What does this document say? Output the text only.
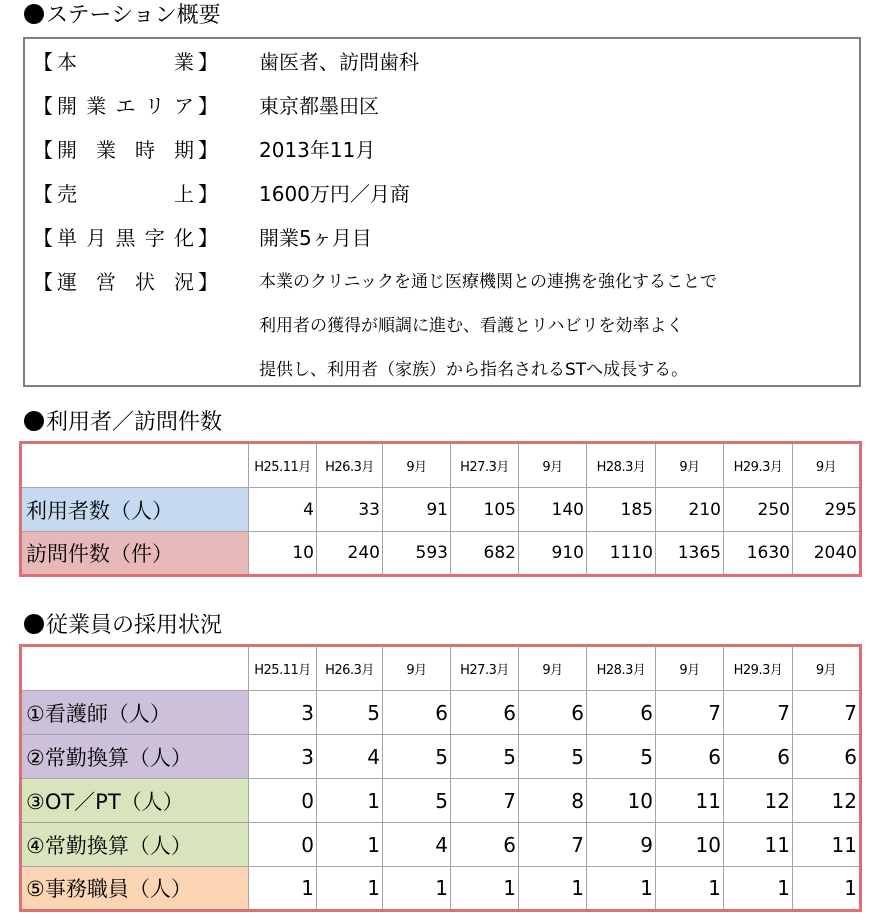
ステーション概要
【 本	業 】 歯医者、訪問歯科
【 開 業 エ リ ア 】 東京都墨田区
【 開 業 時 期 】 2013年11月
【 売	上 】 1600万円／月商
【 単 月 黒 字 化 】 開業5ヶ月目
【 運 営 状 況 】 本業のクリニックを通じ医療機関との連携を強化することで
利用者の獲得が順調に進む、看護とリハビリを効率よく
提供し、利用者（家族）から指名されるSTへ成長する。
利用者／訪問件数
	H25.11月	H26.3月	9月	H27.3月	9月	H28.3月	9月	H29.3月	9月
利用者数（人）	4	33	91	105	140	185	210	250	295
訪問件数（件）	10	240	593	682	910	1110	1365	1630	2040
従業員の採用状況
	H25.11月	H26.3月	9月	H27.3月	9月	H28.3月	9月	H29.3月	9月
①看護師（人）	3	5	6	6	6	6	7	7	7
②常勤換算（人）	3	4	5	5	5	5	6	6	6
③OT／PT（人）	0	1	5	7	8	10	11	12	12
④常勤換算（人）	0	1	4	6	7	9	10	11	11
⑤事務職員（人）	1	1	1	1	1	1	1	1	1
